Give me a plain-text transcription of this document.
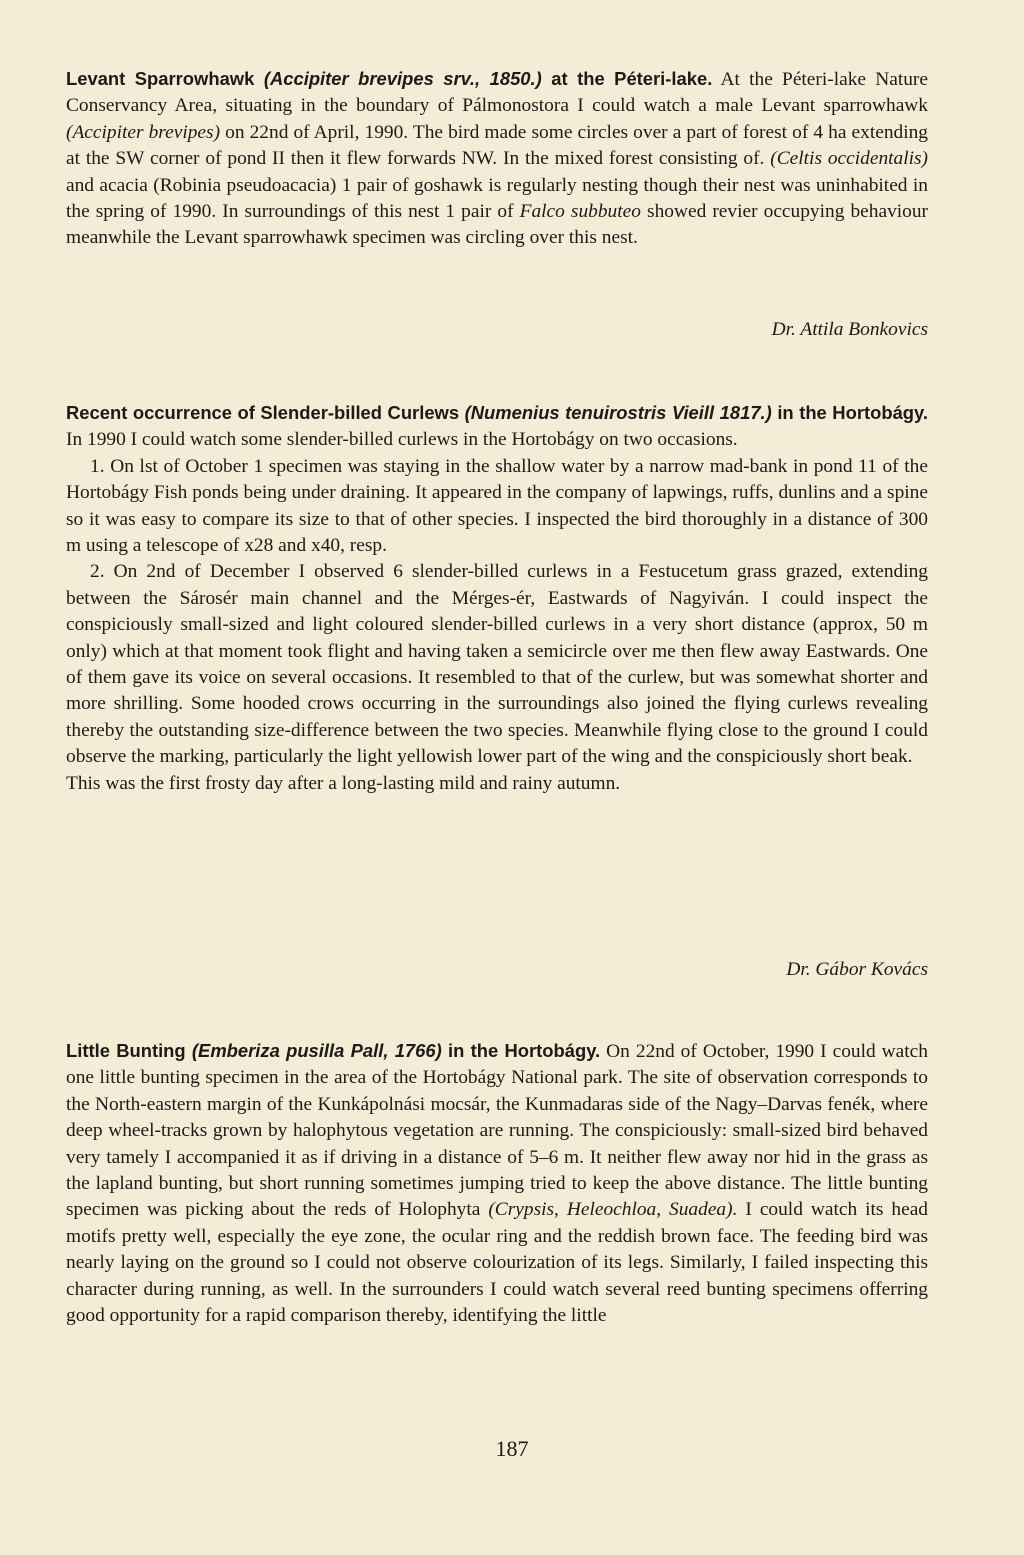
Levant Sparrowhawk (Accipiter brevipes srv., 1850.) at the Péteri-lake. At the Péteri-lake Nature Conservancy Area, situating in the boundary of Pálmonostora I could watch a male Levant sparrowhawk (Accipiter brevipes) on 22nd of April, 1990. The bird made some circles over a part of forest of 4 ha extending at the SW corner of pond II then it flew forwards NW. In the mixed forest consisting of. (Celtis occidentalis) and acacia (Robinia pseudoacacia) 1 pair of goshawk is regularly nesting though their nest was uninhabited in the spring of 1990. In surroundings of this nest 1 pair of Falco subbuteo showed revier occupying behaviour meanwhile the Levant sparrowhawk specimen was circling over this nest.

Dr. Attila Bonkovics

Recent occurrence of Slender-billed Curlews (Numenius tenuirostris Vieill 1817.) in the Hortobágy. In 1990 I could watch some slender-billed curlews in the Hortobágy on two occasions.

1. On lst of October 1 specimen was staying in the shallow water by a narrow mad-bank in pond 11 of the Hortobágy Fish ponds being under draining. It appeared in the company of lapwings, ruffs, dunlins and a spine so it was easy to compare its size to that of other species. I inspected the bird thoroughly in a distance of 300 m using a telescope of x28 and x40, resp.

2. On 2nd of December I observed 6 slender-billed curlews in a Festucetum grass grazed, extending between the Sárosér main channel and the Mérges-ér, Eastwards of Nagyiván. I could inspect the conspiciously small-sized and light coloured slender-billed curlews in a very short distance (approx, 50 m only) which at that moment took flight and having taken a semicircle over me then flew away Eastwards. One of them gave its voice on several occasions. It resembled to that of the curlew, but was somewhat shorter and more shrilling. Some hooded crows occurring in the surroundings also joined the flying curlews revealing thereby the outstanding size-difference between the two species. Meanwhile flying close to the ground I could observe the marking, particularly the light yellowish lower part of the wing and the conspiciously short beak.

This was the first frosty day after a long-lasting mild and rainy autumn.

Dr. Gábor Kovács

Little Bunting (Emberiza pusilla Pall, 1766) in the Hortobágy. On 22nd of October, 1990 I could watch one little bunting specimen in the area of the Hortobágy National park. The site of observation corresponds to the North-eastern margin of the Kunkápolnási mocsár, the Kunmadaras side of the Nagy–Darvas fenék, where deep wheel-tracks grown by halophytous vegetation are running. The conspiciously: small-sized bird behaved very tamely I accompanied it as if driving in a distance of 5–6 m. It neither flew away nor hid in the grass as the lapland bunting, but short running sometimes jumping tried to keep the above distance. The little bunting specimen was picking about the reds of Holophyta (Crypsis, Heleochloa, Suadea). I could watch its head motifs pretty well, especially the eye zone, the ocular ring and the reddish brown face. The feeding bird was nearly laying on the ground so I could not observe colourization of its legs. Similarly, I failed inspecting this character during running, as well. In the surrounders I could watch several reed bunting specimens offerring good opportunity for a rapid comparison thereby, identifying the little

187
